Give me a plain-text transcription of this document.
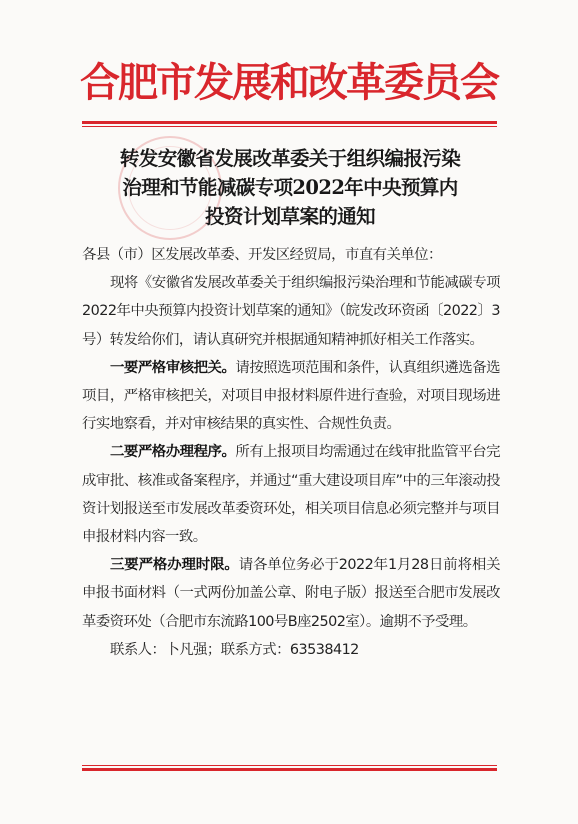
合肥市发展和改革委员会
转发安徽省发展改革委关于组织编报污染
治理和节能减碳专项2022年中央预算内
投资计划草案的通知

各县（市）区发展改革委、开发区经贸局，市直有关单位：

现将《安徽省发展改革委关于组织编报污染治理和节能减碳专项2022年中央预算内投资计划草案的通知》（皖发改环资函〔2022〕3号）转发给你们，请认真研究并根据通知精神抓好相关工作落实。

一要严格审核把关。请按照选项范围和条件，认真组织遴选备选项目，严格审核把关，对项目申报材料原件进行查验，对项目现场进行实地察看，并对审核结果的真实性、合规性负责。

二要严格办理程序。所有上报项目均需通过在线审批监管平台完成审批、核准或备案程序，并通过“重大建设项目库”中的三年滚动投资计划报送至市发展改革委资环处，相关项目信息必须完整并与项目申报材料内容一致。

三要严格办理时限。请各单位务必于2022年1月28日前将相关申报书面材料（一式两份加盖公章、附电子版）报送至合肥市发展改革委资环处（合肥市东流路100号B座2502室）。逾期不予受理。

联系人：卜凡强；联系方式：63538412
